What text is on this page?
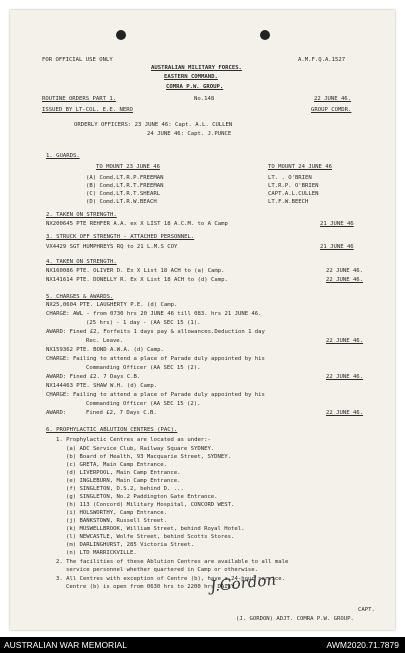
FOR OFFICIAL USE ONLY	A.M.F.Q.A.1527
AUSTRALIAN MILITARY FORCES.
EASTERN COMMAND.
COMRA P.W. GROUP.
ROUTINE ORDERS PART 1.	No.148	22 JUNE 46.
ISSUED BY LT-COL. E.E. NERO	GROUP COMDR.
ORDERLY OFFICERS: 23 JUNE 46: Capt. A.L. CULLEN
24 JUNE 46: Capt. J.PUNCE
1. GUARDS.
TO MOUNT 23 JUNE 46	TO MOUNT 24 JUNE 46
(A) Comd.LT.R.P.FREEMAN	LT. . O'BRIEN
(B) Comd.LT.R.T.FREEMAN	LT.R.P. O'BRIEN
(C) Comd.LT.R.T.SHEARL	CAPT.A.L.CULLEN
(D) Comd.LT.R.W.BEACH	LT.F.W.BEECH
2. TAKEN ON STRENGTH.
NX200645 PTE REHFER A.A. ex X LIST 18 A.C.M. to A Camp	21 JUNE 46
3. STRUCK OFF STRENGTH - ATTACHED PERSONNEL.
VX4429 SGT HUMPHREYS RQ to 21 L.M.S COY	21 JUNE 46
4. TAKEN ON STRENGTH.
NX160086 PTE. OLIVER D. Ex X List 18 ACH to (a) Camp.	22 JUNE 46.
NX141614 PTE. DONELLY R. Ex X List 18 ACH to (d) Camp.	22 JUNE 46.
5. CHARGES & AWARDS.
NX25,0604 PTE. LAUGHERTY P.E. (d) Camp.
CHARGE: AWL - from 0730 hrs 20 JUNE 46 till 083. hrs 21 JUNE 46.
(25 hrs) - 1 day - (AA SEC 15 (1).
AWARD: Fined £2, Forfeits 1 days pay & allowances.Deduction 1 day
Rec. Leave.	22 JUNE 46.
NX159362 PTE. BOND A.W.A. (d) Camp.
CHARGE: Failing to attend a place of Parade duly appointed by his
Commanding Officer (AA SEC 15 (2).
AWARD: Fined £2. 7 Days C.B.	22 JUNE 46.
NX144463 PTE. SHAW W.H. (d) Camp.
CHARGE: Failing to attend a place of Parade duly appointed by his
Commanding Officer (AA SEC 15 (2).
AWARD:	Fined £2, 7 Days C.B.	22 JUNE 46.
6. PROPHYLACTIC ABLUTION CENTRES (PAC).
1. Prophylactic Centres are located as under:-
(a) ADC Service Club, Railway Square SYDNEY.
(b) Board of Health, 93 Macquarie Street, SYDNEY.
(c) GRETA, Main Camp Entrance.
(d) LIVERPOOL, Main Camp Entrance.
(e) INGLEBURN, Main Camp Entrance.
(f) SINGLETON, D.S.2, behind D. ...
(g) SINGLETON, No.2 Paddington Gate Entrance.
(h) 113 (Concord) Military Hospital, CONCORD WEST.
(i) HOLSWORTHY, Camp Entrance.
(j) BANKSTOWN, Russell Street.
(k) MUSWELLBROOK, William Street, behind Royal Hotel.
(l) NEWCASTLE, Wolfe Street, behind Scotts Stores.
(m) DARLINGHURST, 285 Victoria Street.
(n) LTD MARRICKVILLE.
2. The facilities of these Ablution Centres are available to all male
service personnel whether quartered in Camp or otherwise.
3. All Centres with exception of Centre (b), have a 24-hour service.
Centre (b) is open from 0630 hrs to 2200 hrs DAILY.
J.Gordon
CAPT.
(J. GORDON) ADJT. COMRA P.W. GROUP.
AUSTRALIAN WAR MEMORIAL	AWM2020.71.7879
